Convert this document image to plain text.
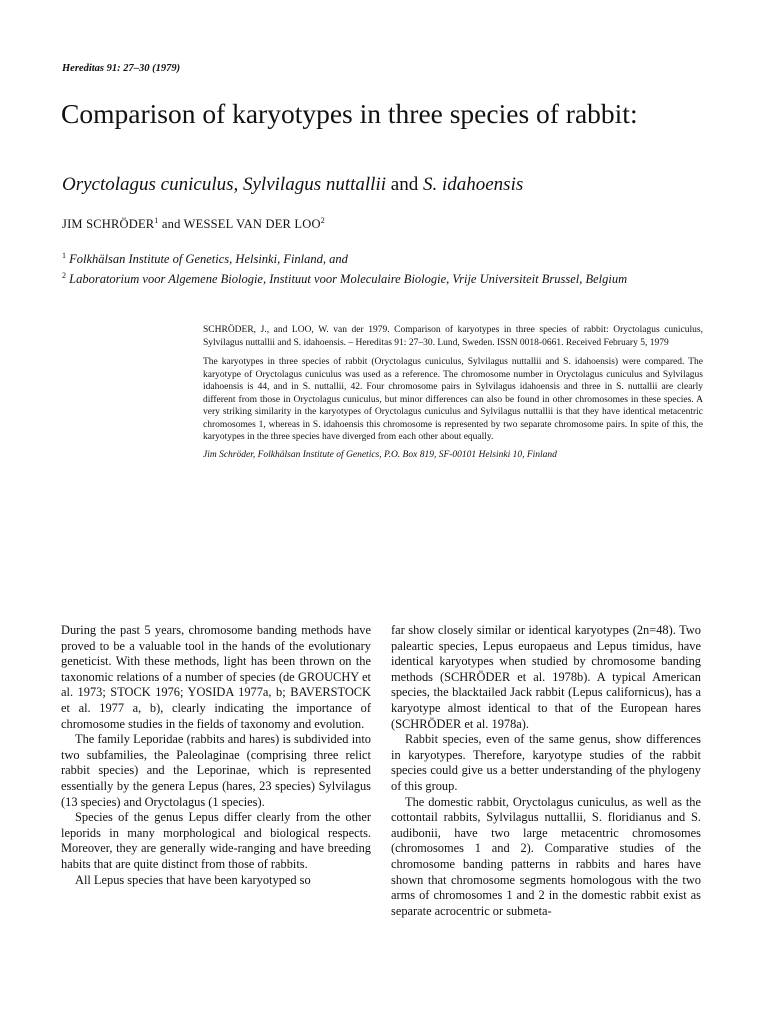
Hereditas 91: 27–30 (1979)
Comparison of karyotypes in three species of rabbit:
Oryctolagus cuniculus, Sylvilagus nuttallii and S. idahoensis
JIM SCHRÖDER$^1$ and WESSEL VAN DER LOO$^2$

$^1$ Folkhälsan Institute of Genetics, Helsinki, Finland, and

$^2$ Laboratorium voor Algemene Biologie, Instituut voor Moleculaire Biologie, Vrije Universiteit Brussel, Belgium

SCHRÖDER, J., and LOO, W. van der 1979. Comparison of karyotypes in three species of rabbit: Oryctolagus cuniculus, Sylvilagus nuttallii and S. idahoensis. – Hereditas 91: 27–30. Lund, Sweden. ISSN 0018-0661. Received February 5, 1979

The karyotypes in three species of rabbit (Oryctolagus cuniculus, Sylvilagus nuttallii and S. idahoensis) were compared. The karyotype of Oryctolagus cuniculus was used as a reference. The chromosome number in Oryctolagus cuniculus and Sylvilagus idahoensis is 44, and in S. nuttallii, 42. Four chromosome pairs in Sylvilagus idahoensis and three in S. nuttallii are clearly different from those in Oryctolagus cuniculus, but minor differences can also be found in other chromosomes in these species. A very striking similarity in the karyotypes of Oryctolagus cuniculus and Sylvilagus nuttallii is that they have identical metacentric chromosomes 1, whereas in S. idahoensis this chromosome is represented by two separate chromosome pairs. In spite of this, the karyotypes in the three species have diverged from each other about equally.

Jim Schröder, Folkhälsan Institute of Genetics, P.O. Box 819, SF-00101 Helsinki 10, Finland

During the past 5 years, chromosome banding methods have proved to be a valuable tool in the hands of the evolutionary geneticist. With these methods, light has been thrown on the taxonomic relations of a number of species (de GROUCHY et al. 1973; STOCK 1976; YOSIDA 1977a, b; BAVERSTOCK et al. 1977 a, b), clearly indicating the importance of chromosome studies in the fields of taxonomy and evolution.

The family Leporidae (rabbits and hares) is subdivided into two subfamilies, the Paleolaginae (comprising three relict rabbit species) and the Leporinae, which is represented essentially by the genera Lepus (hares, 23 species) Sylvilagus (13 species) and Oryctolagus (1 species).

Species of the genus Lepus differ clearly from the other leporids in many morphological and biological respects. Moreover, they are generally wide-ranging and have breeding habits that are quite distinct from those of rabbits.

All Lepus species that have been karyotyped so

far show closely similar or identical karyotypes (2n=48). Two paleartic species, Lepus europaeus and Lepus timidus, have identical karyotypes when studied by chromosome banding methods (SCHRÖDER et al. 1978b). A typical American species, the blacktailed Jack rabbit (Lepus californicus), has a karyotype almost identical to that of the European hares (SCHRÖDER et al. 1978a).

Rabbit species, even of the same genus, show differences in karyotypes. Therefore, karyotype studies of the rabbit species could give us a better understanding of the phylogeny of this group.

The domestic rabbit, Oryctolagus cuniculus, as well as the cottontail rabbits, Sylvilagus nuttallii, S. floridianus and S. audibonii, have two large metacentric chromosomes (chromosomes 1 and 2). Comparative studies of the chromosome banding patterns in rabbits and hares have shown that chromosome segments homologous with the two arms of chromosomes 1 and 2 in the domestic rabbit exist as separate acrocentric or submeta-
